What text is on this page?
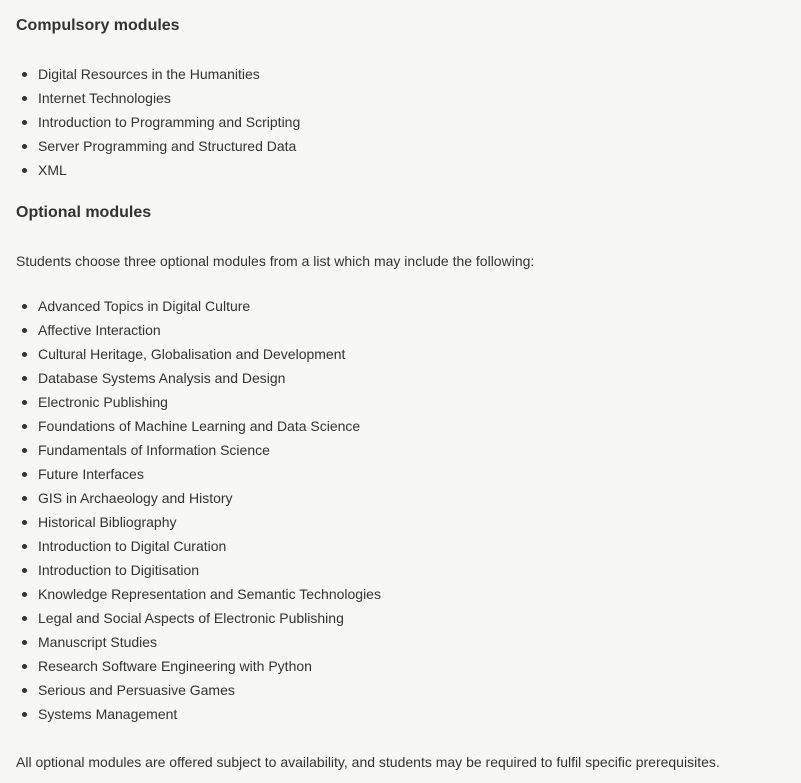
Compulsory modules
Digital Resources in the Humanities
Internet Technologies
Introduction to Programming and Scripting
Server Programming and Structured Data
XML
Optional modules

Students choose three optional modules from a list which may include the following:

Advanced Topics in Digital Culture
Affective Interaction
Cultural Heritage, Globalisation and Development
Database Systems Analysis and Design
Electronic Publishing
Foundations of Machine Learning and Data Science
Fundamentals of Information Science
Future Interfaces
GIS in Archaeology and History
Historical Bibliography
Introduction to Digital Curation
Introduction to Digitisation
Knowledge Representation and Semantic Technologies
Legal and Social Aspects of Electronic Publishing
Manuscript Studies
Research Software Engineering with Python
Serious and Persuasive Games
Systems Management

All optional modules are offered subject to availability, and students may be required to fulfil specific prerequisites.
